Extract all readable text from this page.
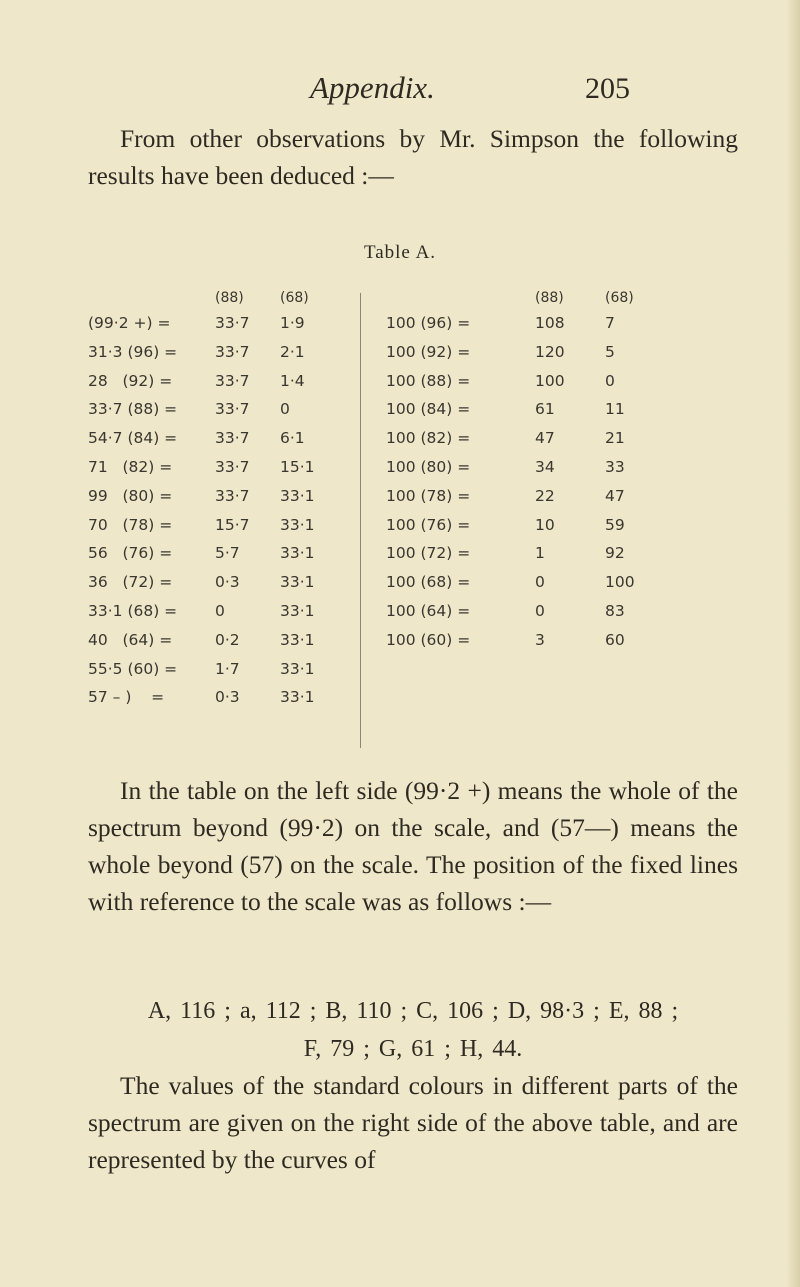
Appendix.	205

From other observations by Mr. Simpson the following results have been deduced :—

Table A.
(88)	(68)
(99·2 +) =	33·7 1·9
31·3 (96) = 33·7 2·1
28   (92) =	33·7 1·4
33·7 (88) = 33·7 0
54·7 (84) = 33·7 6·1
71   (82) =	33·7 15·1
99   (80) =	33·7 33·1
70   (78) =	15·7 33·1
56   (76) =	5·7	33·1
36   (72) =	0·3	33·1
33·1 (68) = 0	33·1
40   (64) =	0·2	33·1
55·5 (60) = 1·7	33·1
57 – )    =	0·3	33·1
(88)	(68)
100 (96) =	108	7
100 (92) =	120	5
100 (88) =	100	0
100 (84) =	61	11
100 (82) =	47	21
100 (80) =	34	33
100 (78) =	22	47
100 (76) =	10	59
100 (72) =	1	92
100 (68) =	0	100
100 (64) =	0	83
100 (60) =	3	60

In the table on the left side (99·2 +) means the whole of the spectrum beyond (99·2) on the scale, and (57—) means the whole beyond (57) on the scale. The position of the fixed lines with reference to the scale was as follows :—

A, 116 ; a, 112 ; B, 110 ; C, 106 ; D, 98·3 ; E, 88 ;
F, 79 ; G, 61 ; H, 44.

The values of the standard colours in different parts of the spectrum are given on the right side of the above table, and are represented by the curves of
